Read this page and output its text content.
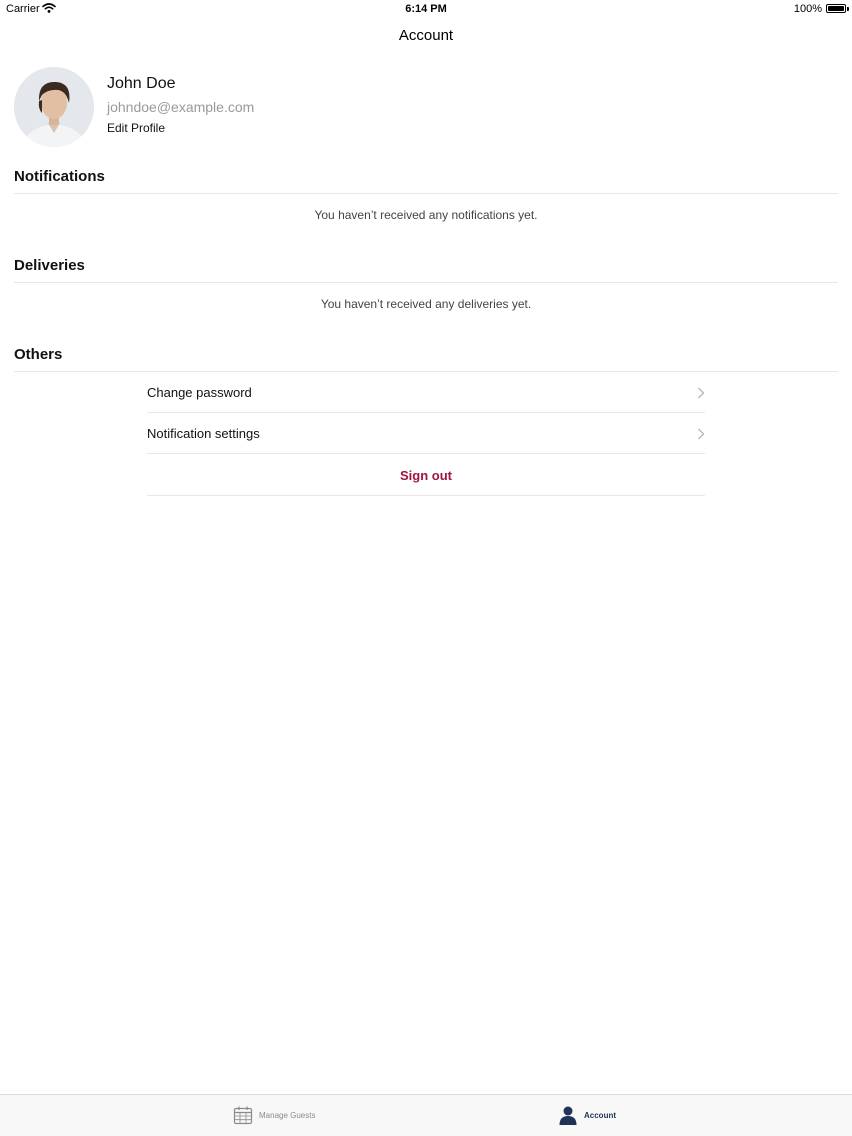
Carrier	6:14 PM	100%
Account
John Doe
johndoe@example.com
Edit Profile
Notifications
You haven’t received any notifications yet.
Deliveries
You haven’t received any deliveries yet.
Others
Change password
Notification settings
Sign out
Manage Guests	Account
